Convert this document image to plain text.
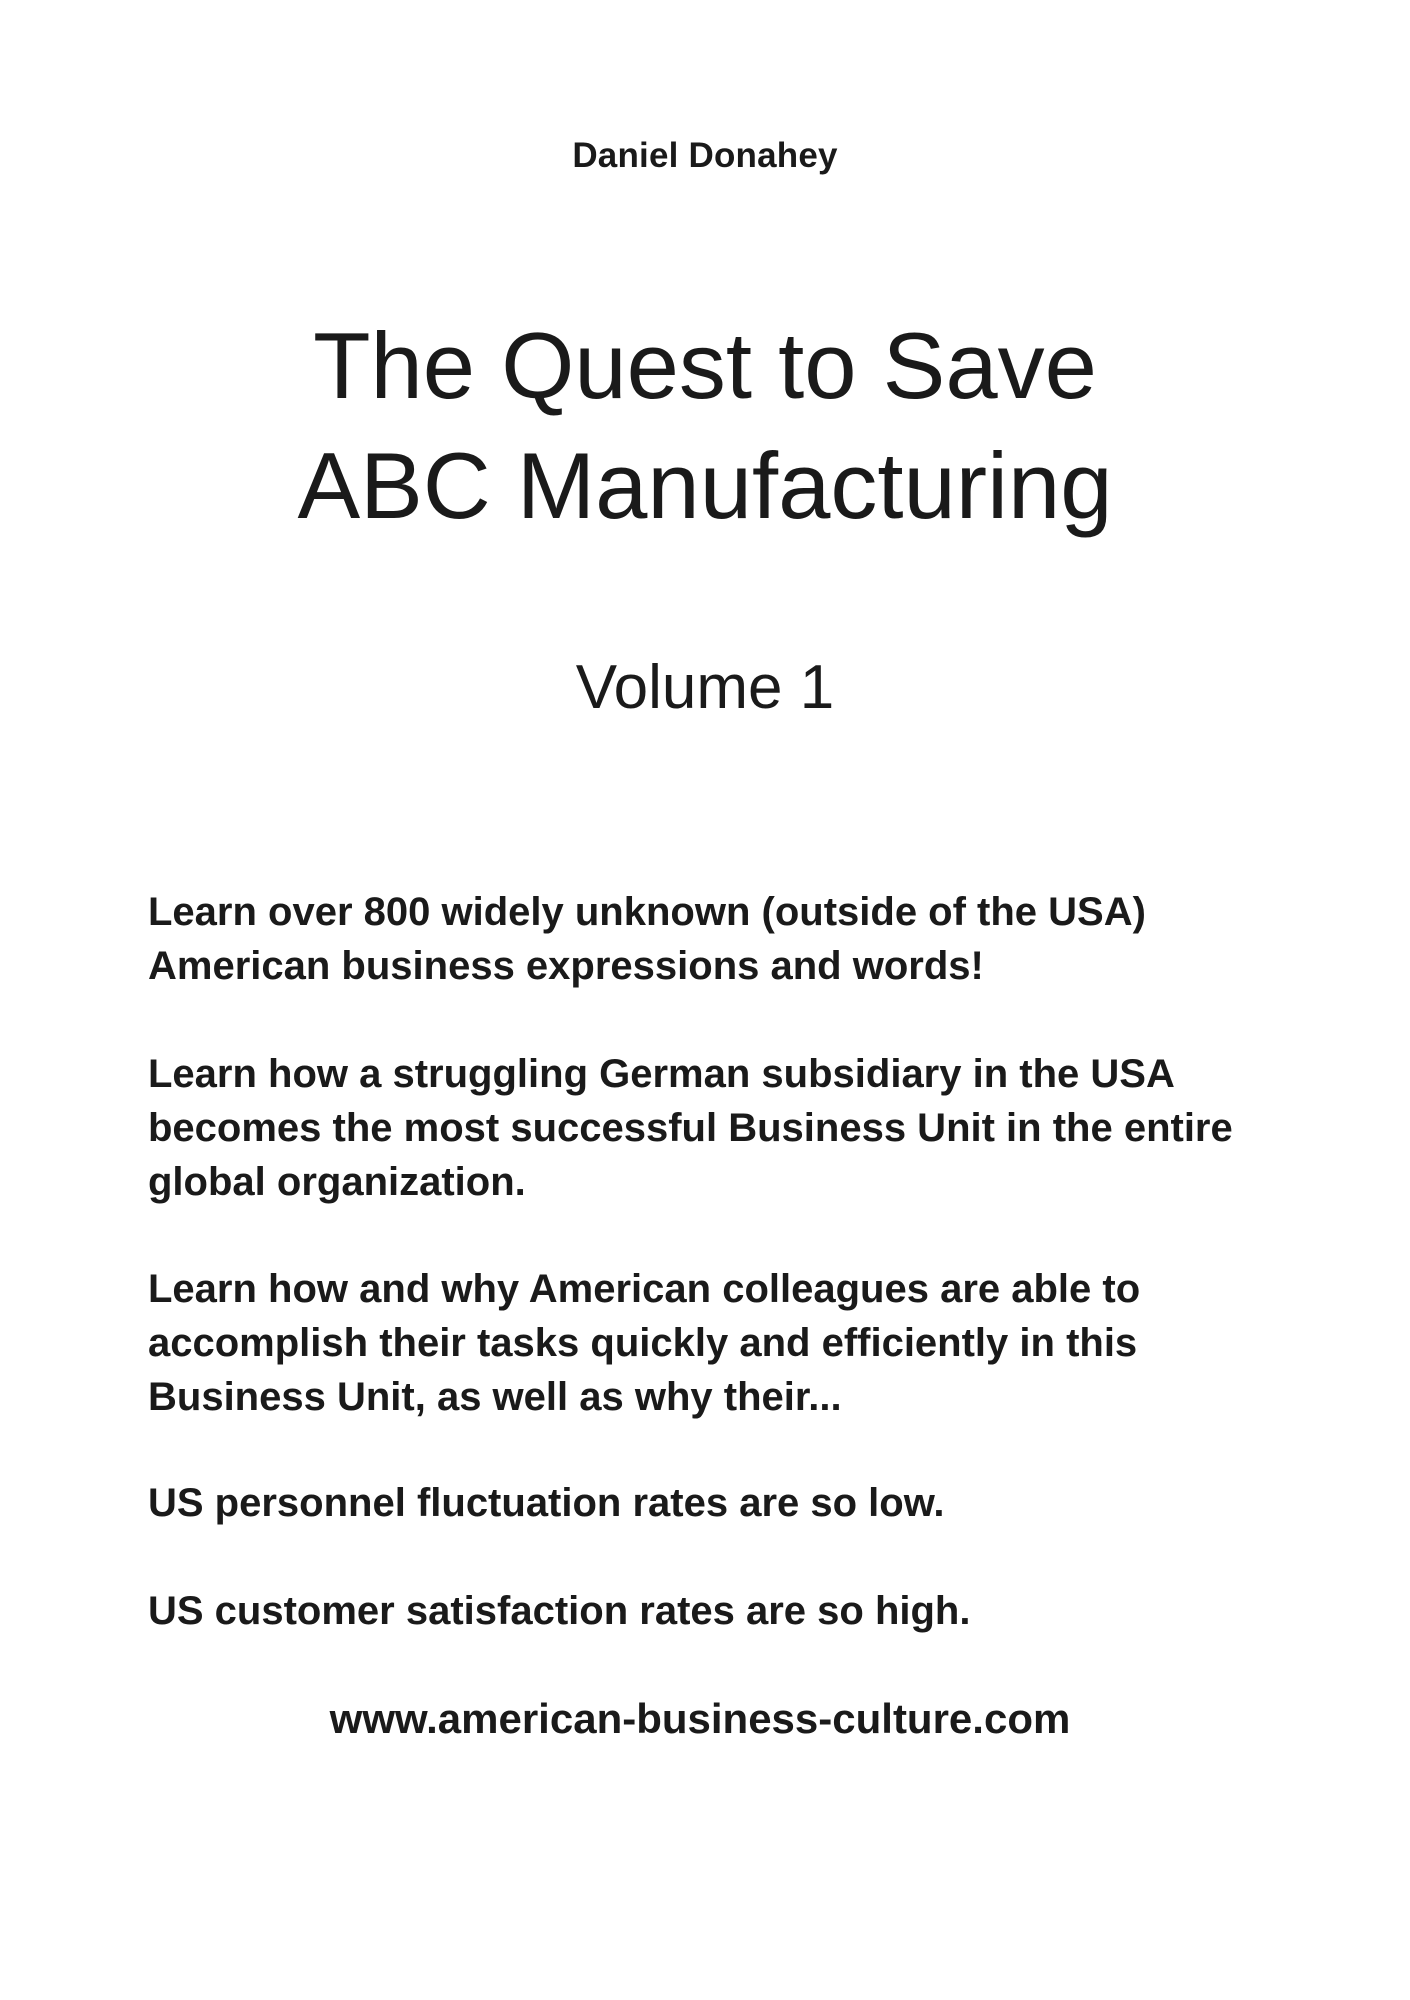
Daniel Donahey
The Quest to Save
ABC Manufacturing
Volume 1
Learn over 800 widely unknown (outside of the USA)
American business expressions and words!
Learn how a struggling German subsidiary in the USA
becomes the most successful Business Unit in the entire
global organization.
Learn how and why American colleagues are able to
accomplish their tasks quickly and efficiently in this
Business Unit, as well as why their...
US personnel fluctuation rates are so low.
US customer satisfaction rates are so high.
www.american-business-culture.com
